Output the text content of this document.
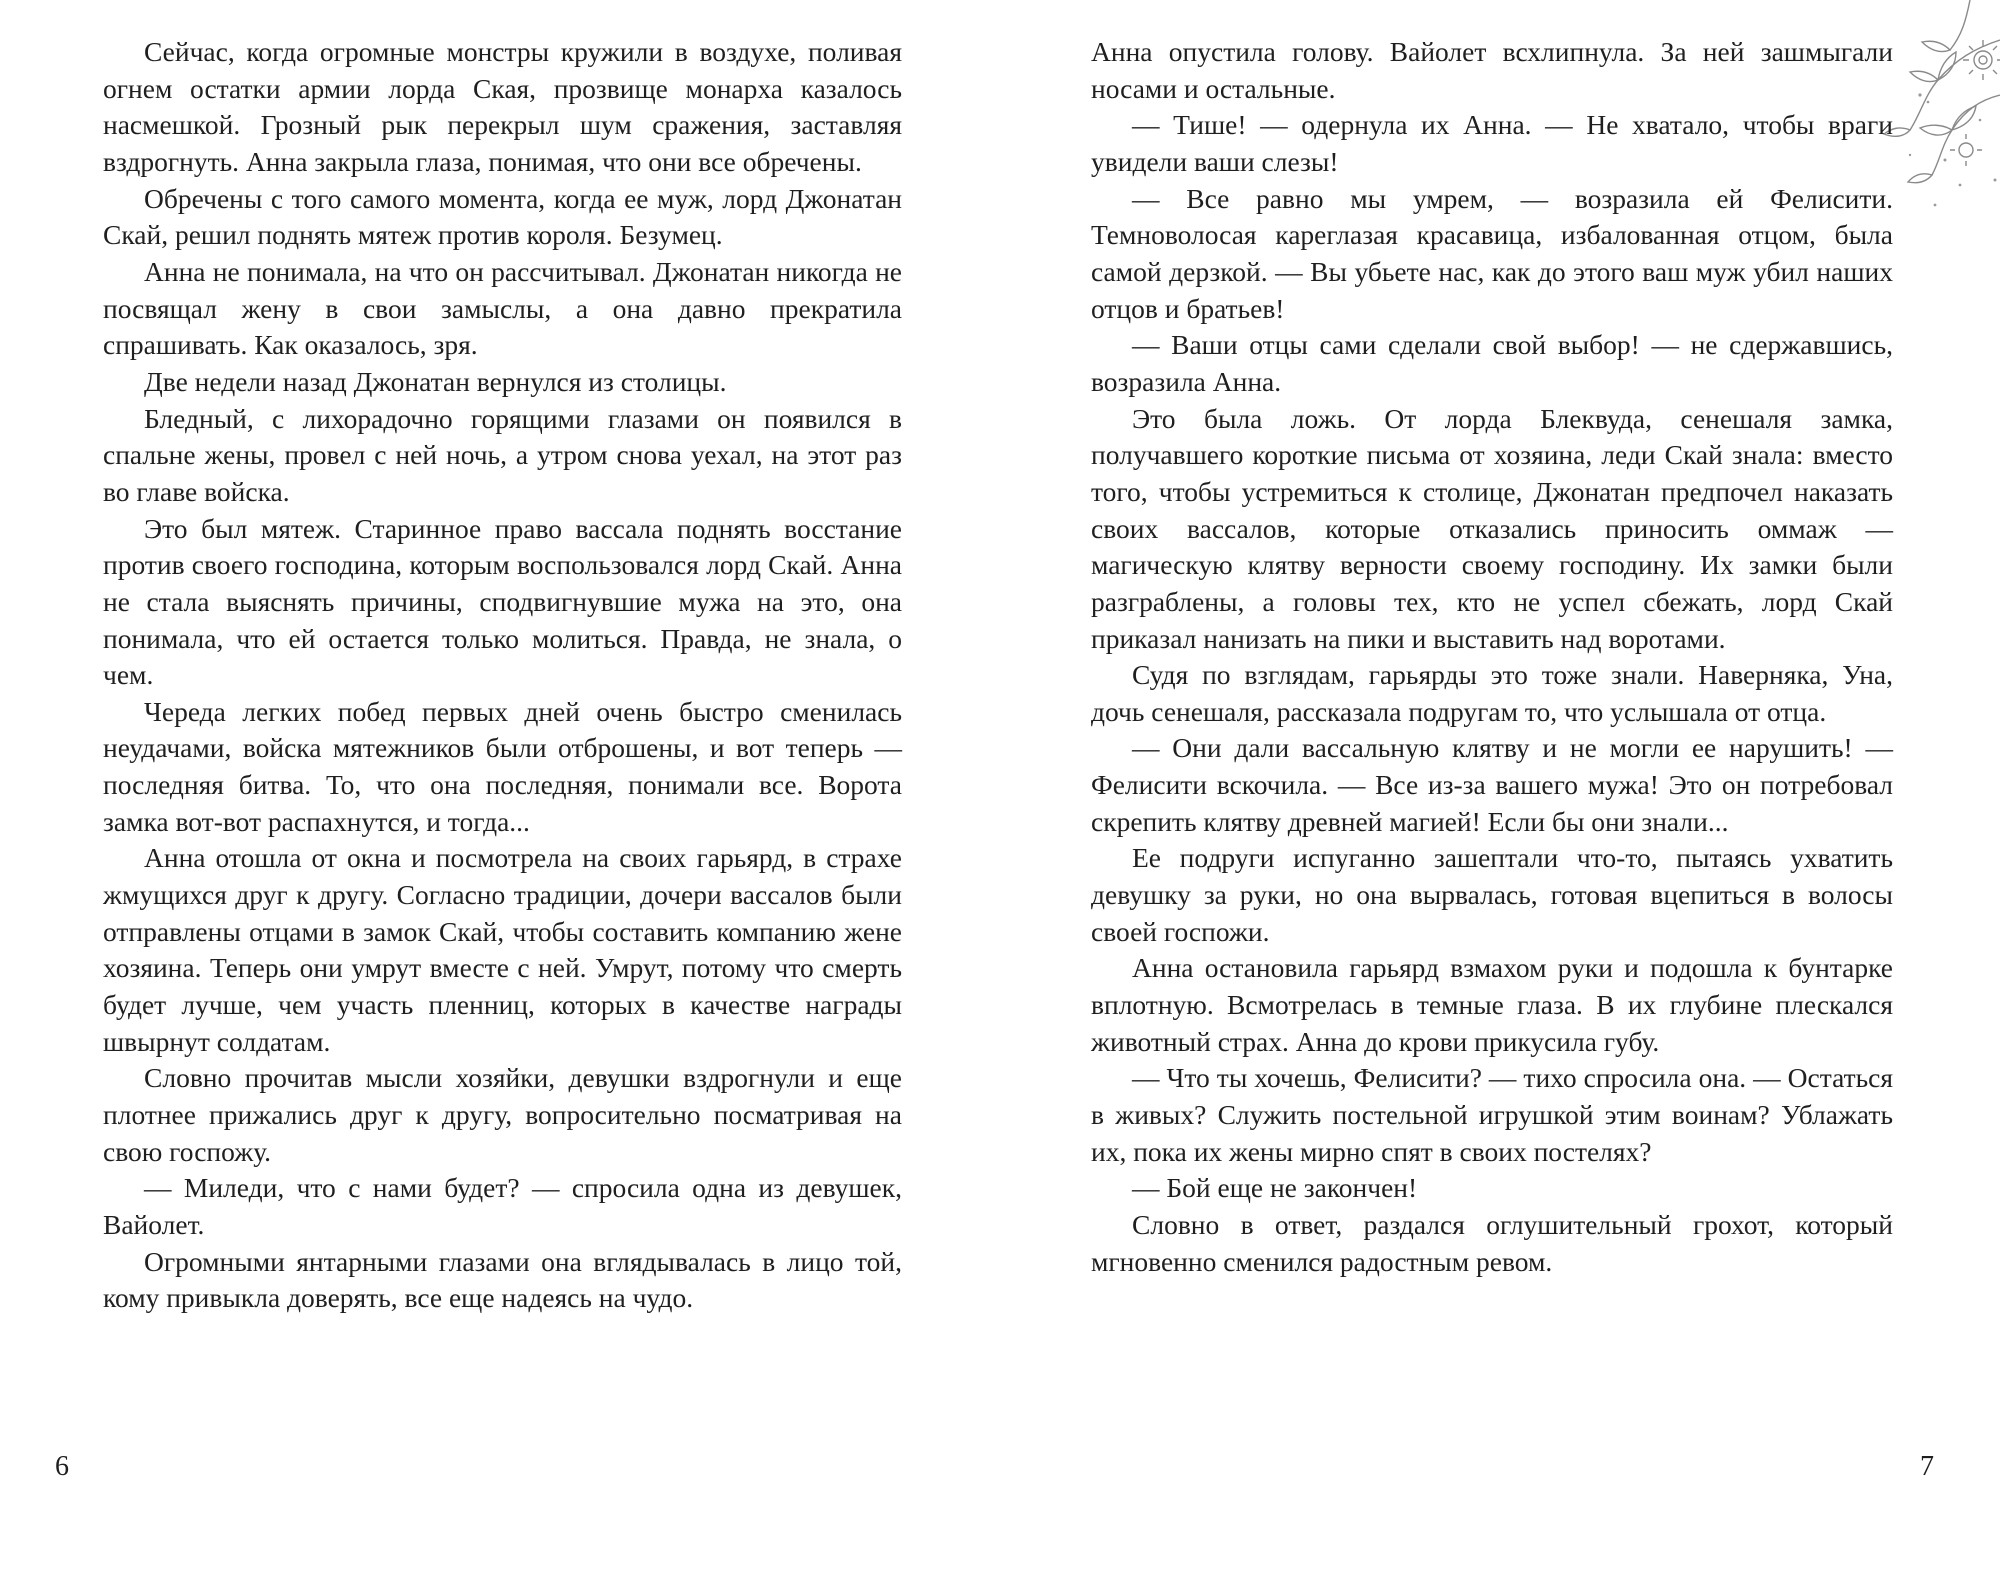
Сейчас, когда огромные монстры кружили в воздухе, поливая огнем остатки армии лорда Ская, прозвище монарха казалось насмешкой. Грозный рык перекрыл шум сражения, заставляя вздрогнуть. Анна закрыла глаза, понимая, что они все обречены.

Обречены с того самого момента, когда ее муж, лорд Джонатан Скай, решил поднять мятеж против короля. Безумец.

Анна не понимала, на что он рассчитывал. Джонатан никогда не посвящал жену в свои замыслы, а она давно прекратила спрашивать. Как оказалось, зря.

Две недели назад Джонатан вернулся из столицы.

Бледный, с лихорадочно горящими глазами он появился в спальне жены, провел с ней ночь, а утром снова уехал, на этот раз во главе войска.

Это был мятеж. Старинное право вассала поднять восстание против своего господина, которым воспользовался лорд Скай. Анна не стала выяснять причины, сподвигнувшие мужа на это, она понимала, что ей остается только молиться. Правда, не знала, о чем.

Череда легких побед первых дней очень быстро сменилась неудачами, войска мятежников были отброшены, и вот теперь — последняя битва. То, что она последняя, понимали все. Ворота замка вот-вот распахнутся, и тогда...

Анна отошла от окна и посмотрела на своих гарьярд, в страхе жмущихся друг к другу. Согласно традиции, дочери вассалов были отправлены отцами в замок Скай, чтобы составить компанию жене хозяина. Теперь они умрут вместе с ней. Умрут, потому что смерть будет лучше, чем участь пленниц, которых в качестве награды швырнут солдатам.

Словно прочитав мысли хозяйки, девушки вздрогнули и еще плотнее прижались друг к другу, вопросительно посматривая на свою госпожу.

— Миледи, что с нами будет? — спросила одна из девушек, Вайолет.

Огромными янтарными глазами она вглядывалась в лицо той, кому привыкла доверять, все еще надеясь на чудо.

6

Анна опустила голову. Вайолет всхлипнула. За ней зашмыгали носами и остальные.

— Тише! — одернула их Анна. — Не хватало, чтобы враги увидели ваши слезы!

— Все равно мы умрем, — возразила ей Фелисити. Темноволосая кареглазая красавица, избалованная отцом, была самой дерзкой. — Вы убьете нас, как до этого ваш муж убил наших отцов и братьев!

— Ваши отцы сами сделали свой выбор! — не сдержавшись, возразила Анна.

Это была ложь. От лорда Блеквуда, сенешаля замка, получавшего короткие письма от хозяина, леди Скай знала: вместо того, чтобы устремиться к столице, Джонатан предпочел наказать своих вассалов, которые отказались приносить оммаж — магическую клятву верности своему господину. Их замки были разграблены, а головы тех, кто не успел сбежать, лорд Скай приказал нанизать на пики и выставить над воротами.

Судя по взглядам, гарьярды это тоже знали. Наверняка, Уна, дочь сенешаля, рассказала подругам то, что услышала от отца.

— Они дали вассальную клятву и не могли ее нарушить! — Фелисити вскочила. — Все из-за вашего мужа! Это он потребовал скрепить клятву древней магией! Если бы они знали...

Ее подруги испуганно зашептали что-то, пытаясь ухватить девушку за руки, но она вырвалась, готовая вцепиться в волосы своей госпожи.

Анна остановила гарьярд взмахом руки и подошла к бунтарке вплотную. Всмотрелась в темные глаза. В их глубине плескался животный страх. Анна до крови прикусила губу.

— Что ты хочешь, Фелисити? — тихо спросила она. — Остаться в живых? Служить постельной игрушкой этим воинам? Ублажать их, пока их жены мирно спят в своих постелях?

— Бой еще не закончен!

Словно в ответ, раздался оглушительный грохот, который мгновенно сменился радостным ревом.

7
